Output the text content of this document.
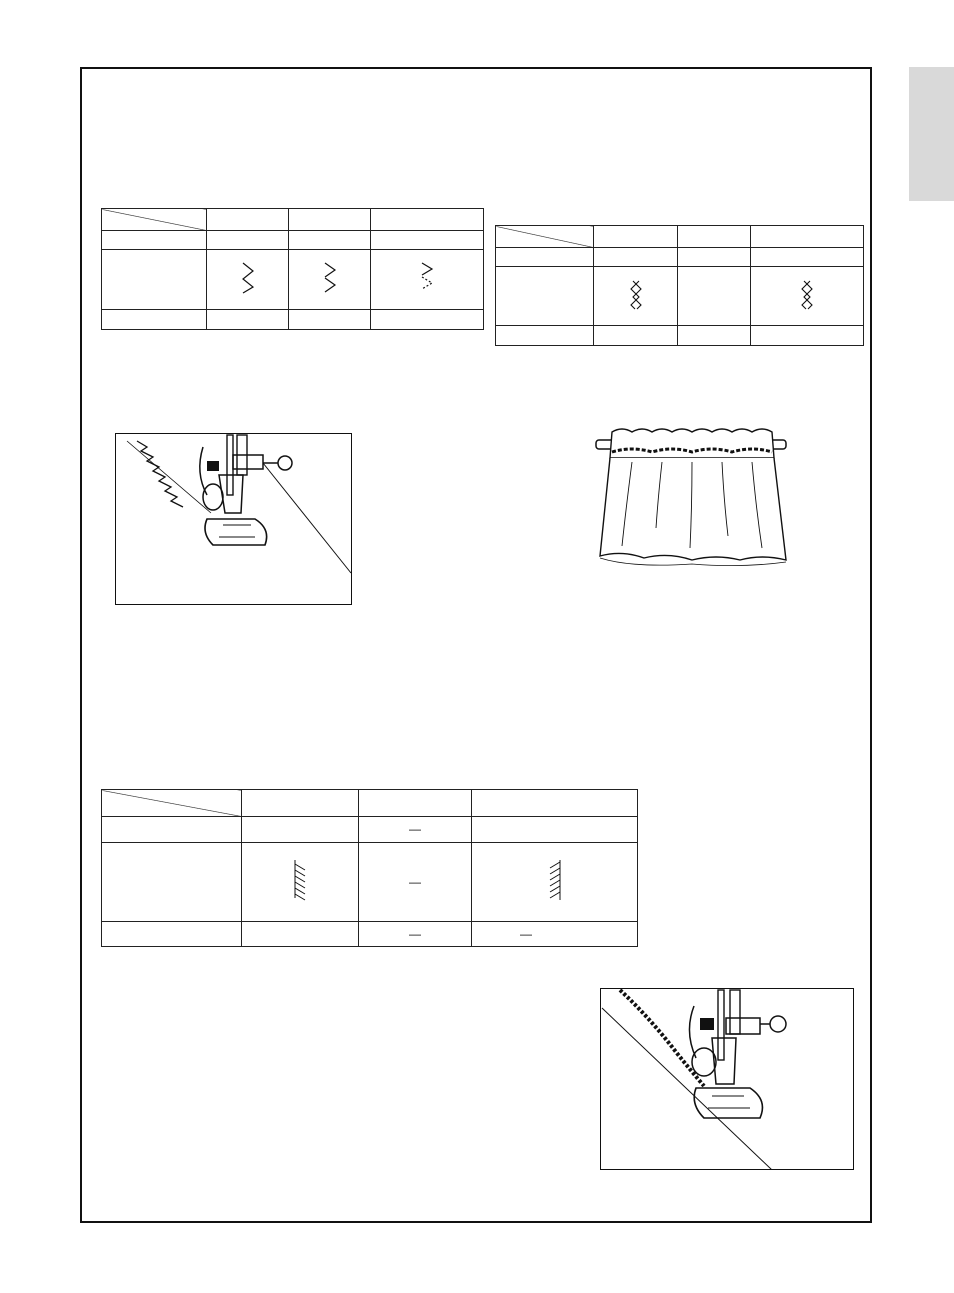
		—	
		—	
		—	—
